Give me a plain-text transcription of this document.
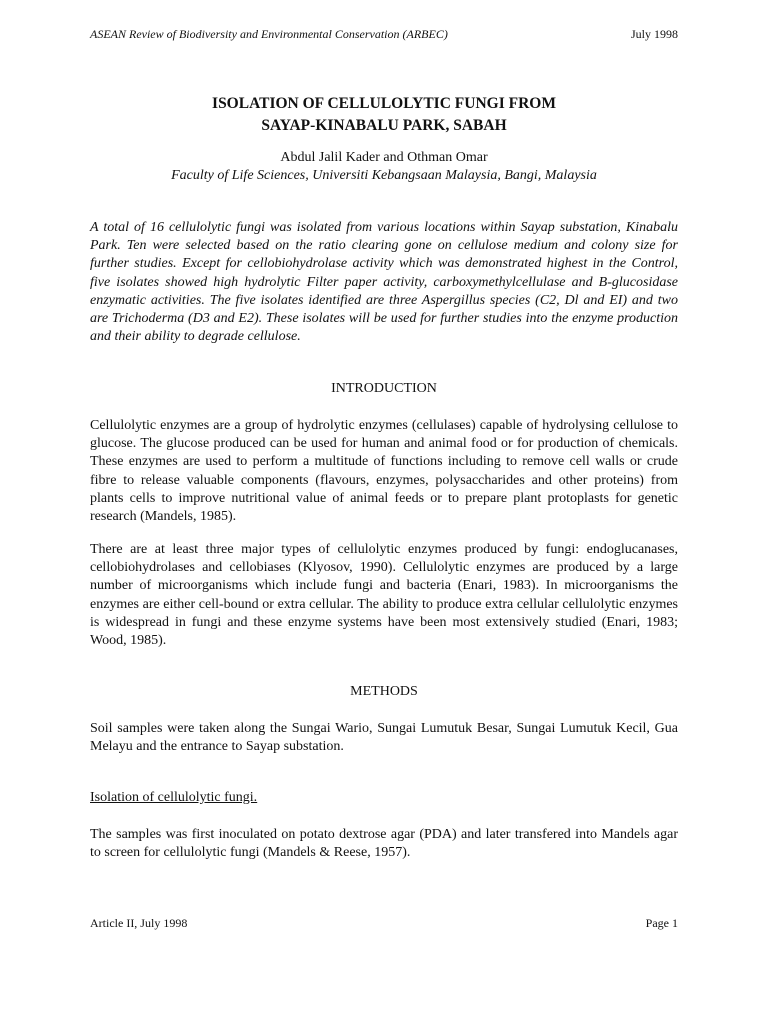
ASEAN Review of Biodiversity and Environmental Conservation (ARBEC)	July 1998
ISOLATION OF CELLULOLYTIC FUNGI FROM
SAYAP-KINABALU PARK, SABAH
Abdul Jalil Kader and Othman Omar
Faculty of Life Sciences, Universiti Kebangsaan Malaysia, Bangi, Malaysia

A total of 16 cellulolytic fungi was isolated from various locations within Sayap substation, Kinabalu Park. Ten were selected based on the ratio clearing gone on cellulose medium and colony size for further studies. Except for cellobiohydrolase activity which was demonstrated highest in the Control, five isolates showed high hydrolytic Filter paper activity, carboxymethylcellulase and B-glucosidase enzymatic activities. The five isolates identified are three Aspergillus species (C2, Dl and EI) and two are Trichoderma (D3 and E2). These isolates will be used for further studies into the enzyme production and their ability to degrade cellulose.

INTRODUCTION

Cellulolytic enzymes are a group of hydrolytic enzymes (cellulases) capable of hydrolysing cellulose to glucose. The glucose produced can be used for human and animal food or for production of chemicals. These enzymes are used to perform a multitude of functions including to remove cell walls or crude fibre to release valuable components (flavours, enzymes, polysaccharides and other proteins) from plants cells to improve nutritional value of animal feeds or to prepare plant protoplasts for genetic research (Mandels, 1985).

There are at least three major types of cellulolytic enzymes produced by fungi: endoglucanases, cellobiohydrolases and cellobiases (Klyosov, 1990). Cellulolytic enzymes are produced by a large number of microorganisms which include fungi and bacteria (Enari, 1983). In microorganisms the enzymes are either cell-bound or extra cellular. The ability to produce extra cellular cellulolytic enzymes is widespread in fungi and these enzyme systems have been most extensively studied (Enari, 1983; Wood, 1985).

METHODS

Soil samples were taken along the Sungai Wario, Sungai Lumutuk Besar, Sungai Lumutuk Kecil, Gua Melayu and the entrance to Sayap substation.

Isolation of cellulolytic fungi.

The samples was first inoculated on potato dextrose agar (PDA) and later transfered into Mandels agar to screen for cellulolytic fungi (Mandels & Reese, 1957).

Article II, July 1998	Page 1
